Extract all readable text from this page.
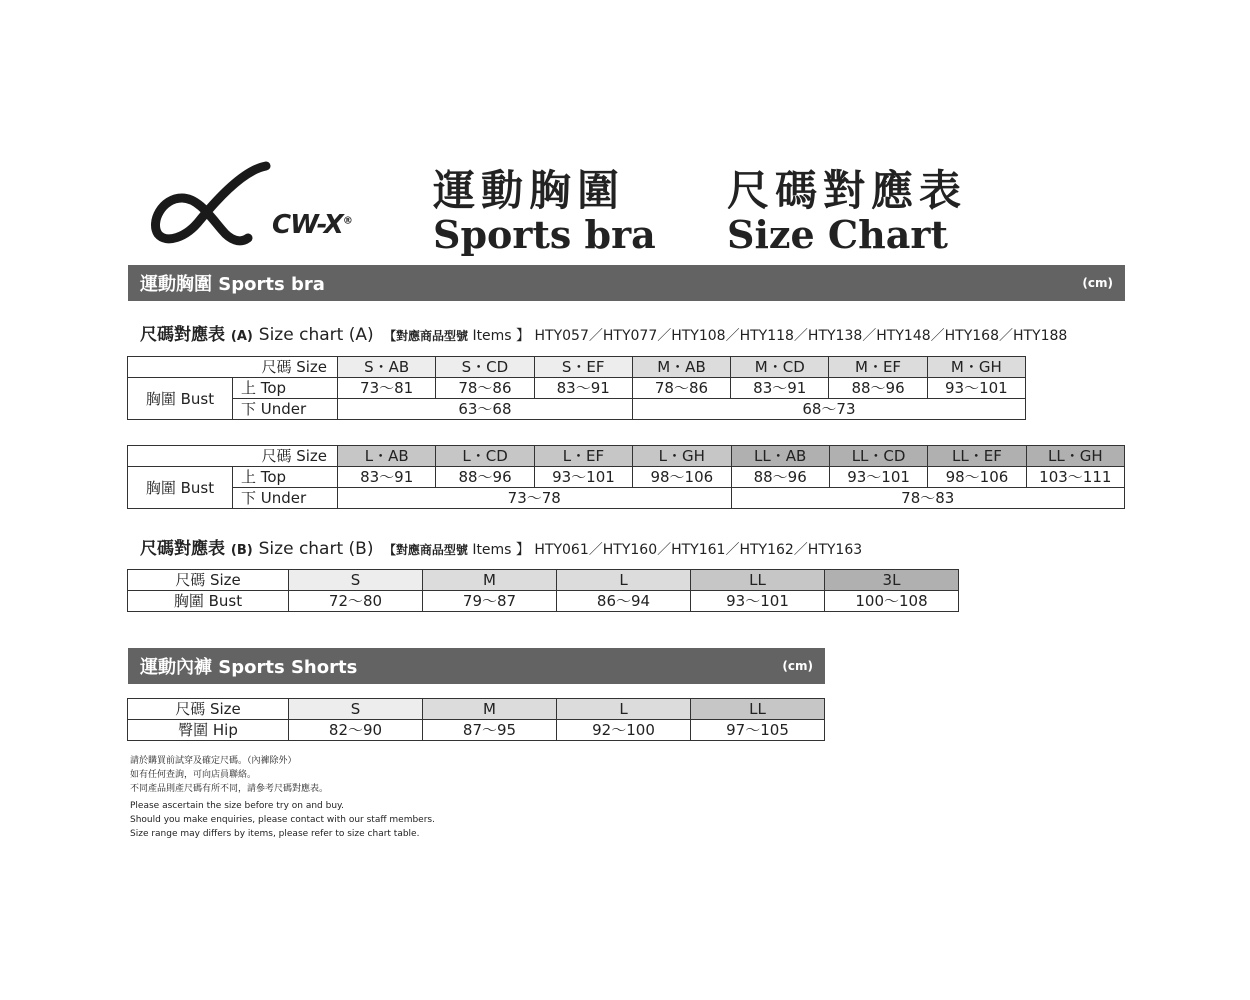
CW-X®
運動胸圍 尺碼對應表
Sports bra Size Chart
運動胸圍 Sports bra	(cm)
尺碼對應表 (A) Size chart (A) 【對應商品型號 Items 】 HTY057／HTY077／HTY108／HTY118／HTY138／HTY148／HTY168／HTY188
尺碼 Size		S・AB	S・CD	S・EF	M・AB	M・CD	M・EF	M・GH
胸圍 Bust	上 Top	73～81	78～86	83～91	78～86	83～91	88～96	93～101
	下 Under	63～68			68～73			
尺碼 Size		L・AB	L・CD	L・EF	L・GH	LL・AB	LL・CD	LL・EF	LL・GH
胸圍 Bust	上 Top	83～91	88～96	93～101	98～106	88～96	93～101	98～106	103～111
	下 Under	73～78				78～83			
尺碼對應表 (B) Size chart (B) 【對應商品型號 Items 】 HTY061／HTY160／HTY161／HTY162／HTY163
尺碼 Size	S	M	L	LL	3L
胸圍 Bust	72～80	79～87	86～94	93～101	100～108
運動內褲 Sports Shorts	(cm)
尺碼 Size	S	M	L	LL
臀圍 Hip	82～90	87～95	92～100	97～105
請於購買前試穿及確定尺碼。（內褲除外）
如有任何查詢，可向店員聯絡。
不同產品則產尺碼有所不同，請參考尺碼對應表。
Please ascertain the size before try on and buy.
Should you make enquiries, please contact with our staff members.
Size range may differs by items, please refer to size chart table.
